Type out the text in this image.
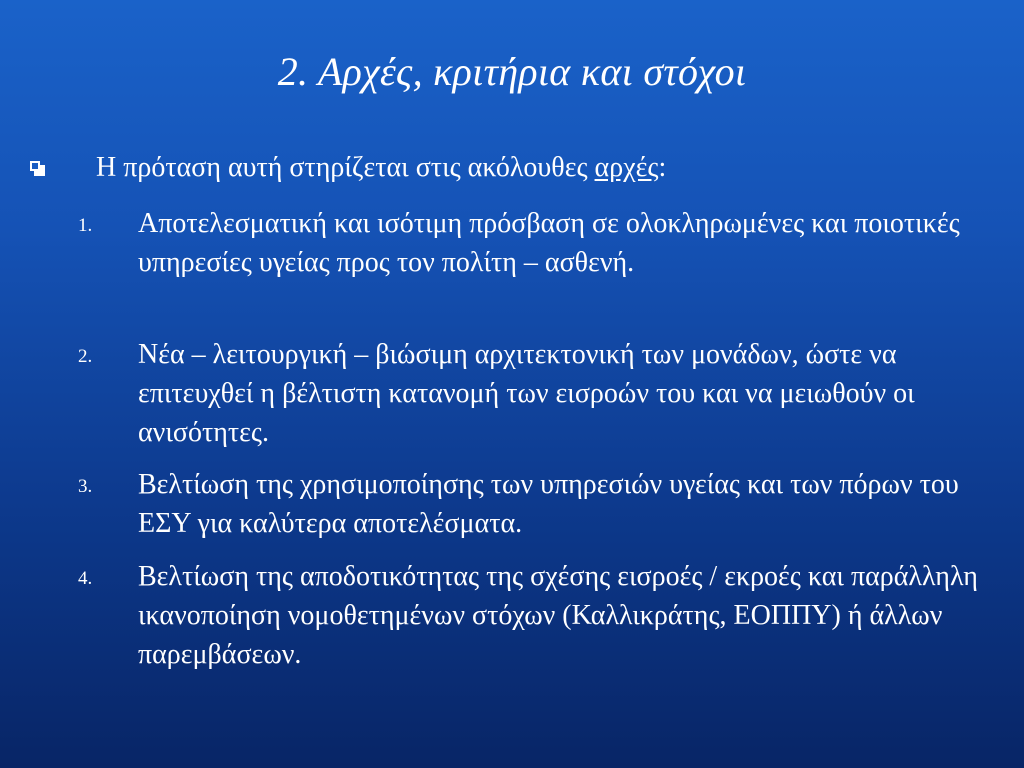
2. Αρχές, κριτήρια και στόχοι
Η πρόταση αυτή στηρίζεται στις ακόλουθες αρχές:
1. Αποτελεσματική και ισότιμη πρόσβαση σε ολοκληρωμένες και ποιοτικές υπηρεσίες υγείας προς τον πολίτη – ασθενή.
2. Νέα – λειτουργική – βιώσιμη αρχιτεκτονική των μονάδων, ώστε να επιτευχθεί η βέλτιστη κατανομή των εισροών του και να μειωθούν οι ανισότητες.
3. Βελτίωση της χρησιμοποίησης των υπηρεσιών υγείας και των πόρων του ΕΣΥ για καλύτερα αποτελέσματα.
4. Βελτίωση της αποδοτικότητας της σχέσης εισροές / εκροές και παράλληλη ικανοποίηση νομοθετημένων στόχων (Καλλικράτης, ΕΟΠΠΥ) ή άλλων παρεμβάσεων.
